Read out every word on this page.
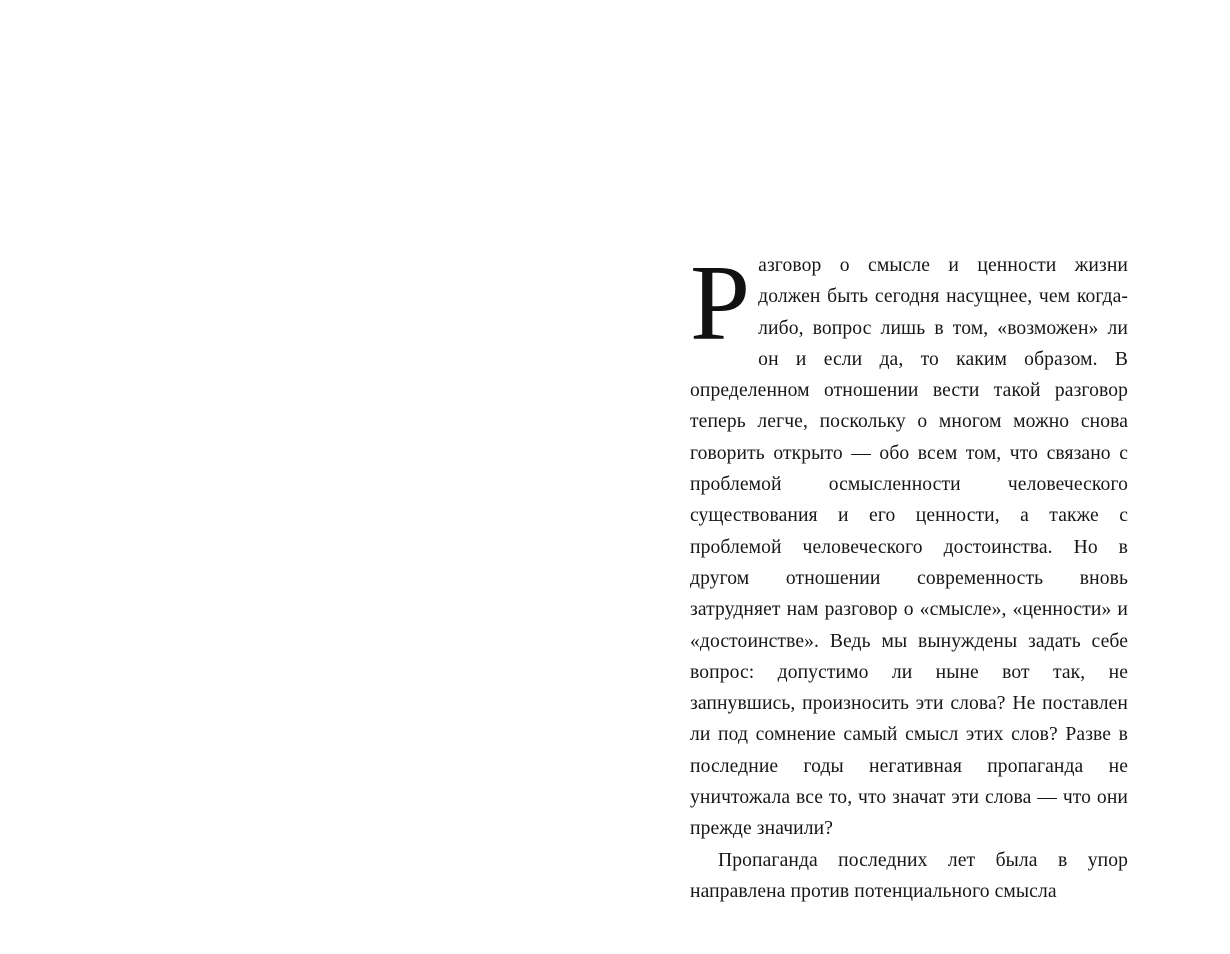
Разговор о смысле и ценности жизни должен быть сегодня насущнее, чем когда-либо, вопрос лишь в том, «возможен» ли он и если да, то каким образом. В определенном отношении вести такой разговор теперь легче, поскольку о многом можно снова говорить открыто — обо всем том, что связано с проблемой осмысленности человеческого существования и его ценности, а также с проблемой человеческого достоинства. Но в другом отношении современность вновь затрудняет нам разговор о «смысле», «ценности» и «достоинстве». Ведь мы вынуждены задать себе вопрос: допустимо ли ныне вот так, не запнувшись, произносить эти слова? Не поставлен ли под сомнение самый смысл этих слов? Разве в последние годы негативная пропаганда не уничтожала все то, что значат эти слова — что они прежде значили?

Пропаганда последних лет была в упор направлена против потенциального смысла
